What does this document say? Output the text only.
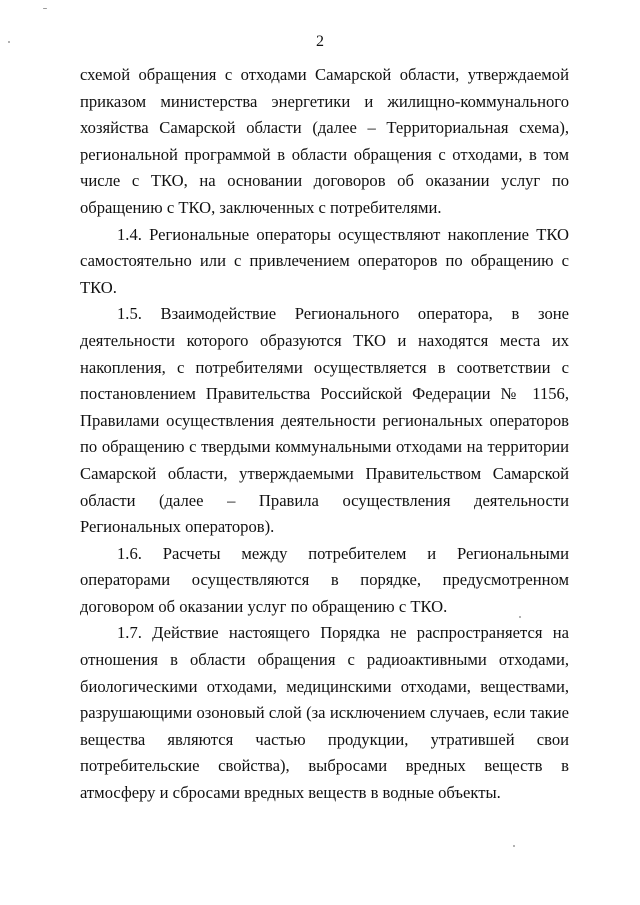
2

схемой обращения с отходами Самарской области, утверждаемой приказом министерства энергетики и жилищно-коммунального хозяйства Самарской области (далее – Территориальная схема), региональной программой в области обращения с отходами, в том числе с ТКО, на основании договоров об оказании услуг по обращению с ТКО, заключенных с потребителями.

1.4. Региональные операторы осуществляют накопление ТКО самостоятельно или с привлечением операторов по обращению с ТКО.

1.5. Взаимодействие Регионального оператора, в зоне деятельности которого образуются ТКО и находятся места их накопления, с потребителями осуществляется в соответствии с постановлением Правительства Российской Федерации № 1156, Правилами осуществления деятельности региональных операторов по обращению с твердыми коммунальными отходами на территории Самарской области, утверждаемыми Правительством Самарской области (далее – Правила осуществления деятельности Региональных операторов).

1.6. Расчеты между потребителем и Региональными операторами осуществляются в порядке, предусмотренном договором об оказании услуг по обращению с ТКО.

1.7. Действие настоящего Порядка не распространяется на отношения в области обращения с радиоактивными отходами, биологическими отходами, медицинскими отходами, веществами, разрушающими озоновый слой (за исключением случаев, если такие вещества являются частью продукции, утратившей свои потребительские свойства), выбросами вредных веществ в атмосферу и сбросами вредных веществ в водные объекты.
